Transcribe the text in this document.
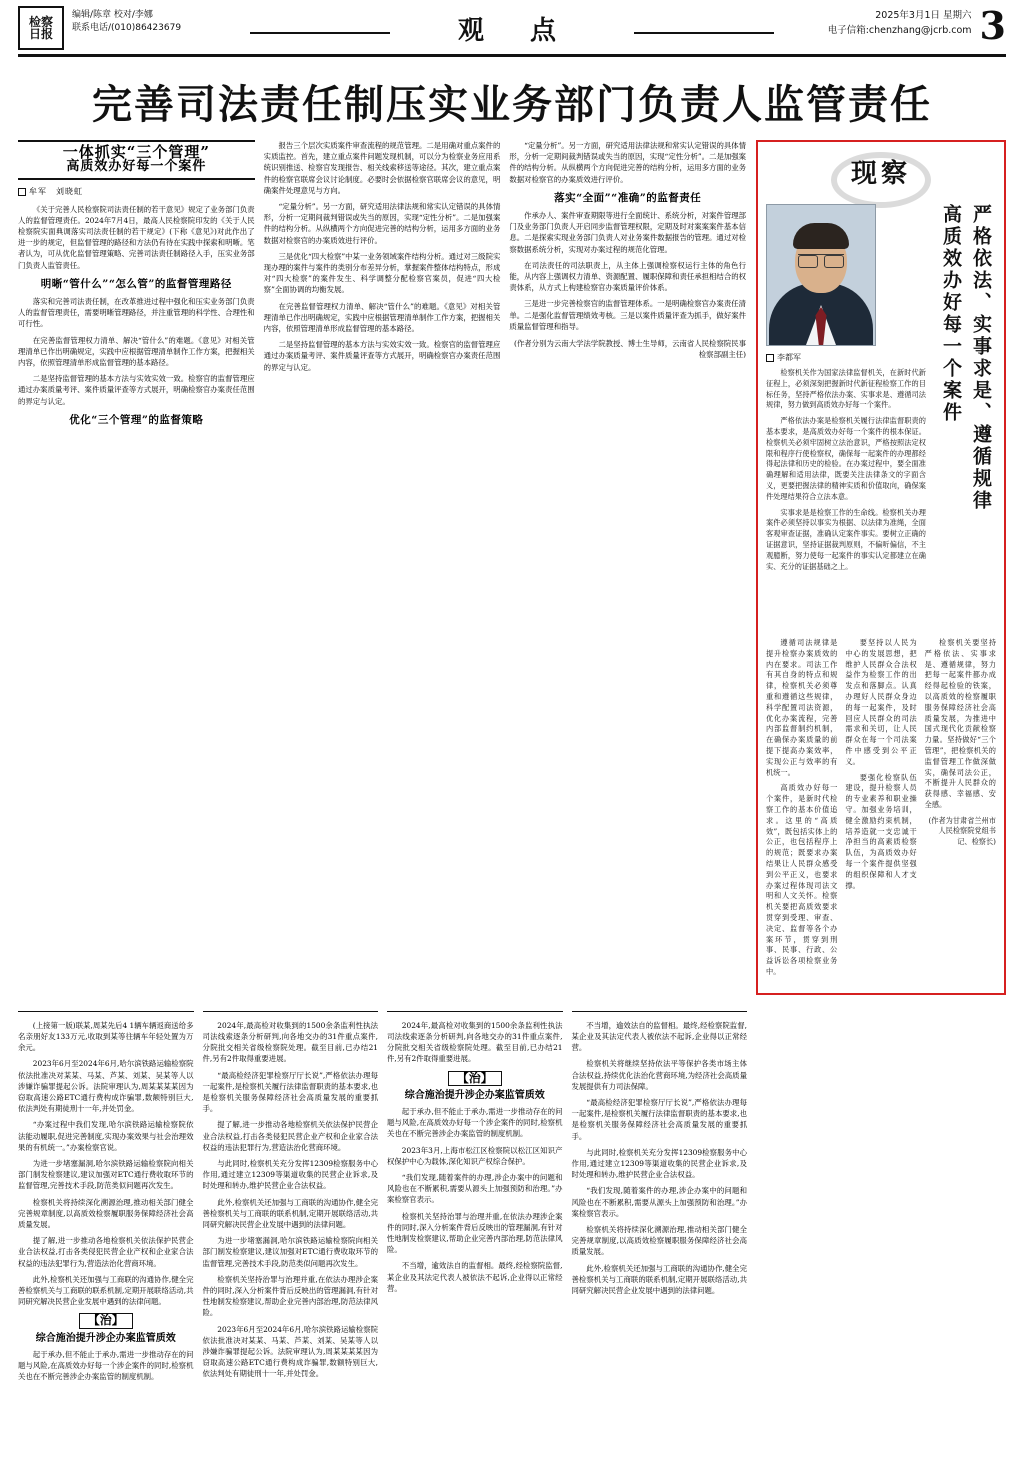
检察
日报
编辑/陈章 校对/李娜
联系电话/(010)86423679	观　点
2025年3月1日 星期六
电子信箱:chenzhang@jcrb.com 3
完善司法责任制压实业务部门负责人监管责任
一体抓实“三个管理”
高质效办好每一个案件
牟军　刘晓虹

《关于完善人民检察院司法责任制的若干意见》规定了业务部门负责人的监督管理责任。2024年7月4日，最高人民检察院印发的《关于人民检察院实面典调落实司法责任制的若干规定》(下称《意见》)对此作出了进一步的规定，但监督管理的路径和方法仍有待在实践中探索和明晰。笔者认为，可从优化监督管理策略、完善司法责任制路径入手，压实业务部门负责人监管责任。

明晰“管什么”“怎么管”的监督管理路径

落实和完善司法责任制，在改革推进过程中强化和压实业务部门负责人的监督管理责任，需要明晰管理路径，并注重管理的科学性、合理性和可行性。

在完善监督管理权力清单、解决“管什么”的难题。《意见》对相关管理清单已作出明确规定，实践中应根据管理清单制作工作方案，把握相关内容，依照管理清单形成监督管理的基本路径。

二是坚持监督管理的基本方法与实效实效一致。检察官的监督管理应通过办案质量考评、案件质量评查等方式展开，明确检察官办案责任范围的界定与认定。

优化“三个管理”的监督策略

报告三个层次实质案件审查流程的规范管理。二是用确对重点案件的实质监控。首先，建立重点案件问题发现机制，可以分为检察业务应用系统识别推送、检察官发现报告、相关线索移送等途径。其次，建立重点案件的检察官联席会议讨论制度。必要时会依据检察官联席会议的意见，明确案件处理意见与方向。

“定量分析”。另一方面，研究适用法律法规和常实认定错误的具体情形，分析一定期间裁判错误或失当的原因，实现“定性分析”。二是加强案件的结构分析。从纵横两个方向促进完善的结构分析，运用多方面的业务数据对检察官的办案质效进行评价。

三是优化“四大检察”中某一业务领域案件结构分析。通过对三级院实现办理的案件与案件的类别分布差异分析，掌握案件整体结构特点，形成对“四大检察”的案件发生、科学调整分配检察官案员，促进“四大检察”全面协调的均衡发展。

在完善监督管理权力清单、解决“管什么”的难题。《意见》对相关管理清单已作出明确规定，实践中应根据管理清单制作工作方案，把握相关内容，依照管理清单形成监督管理的基本路径。

二是坚持监督管理的基本方法与实效实效一致。检察官的监督管理应通过办案质量考评、案件质量评查等方式展开，明确检察官办案责任范围的界定与认定。

“定量分析”。另一方面，研究适用法律法规和常实认定错误的具体情形，分析一定期间裁判错误或失当的原因，实现“定性分析”。二是加强案件的结构分析。从纵横两个方向促进完善的结构分析，运用多方面的业务数据对检察官的办案质效进行评价。

落实“全面”“准确”的监督责任

作承办人、案件审查期限等进行全面统计、系统分析，对案件管理部门及业务部门负责人开启同步监督管理权限，定期及时对案案案件基本信息。二是探索实现业务部门负责人对业务案件数据报告的管理。通过对检察数据系统分析，实现对办案过程的规范化管理。

在司法责任的司法职责上，从主体上强调检察权运行主体的角色行能，从内容上强调权力清单、资源配置、履职保障和责任承担相结合的权责体系，从方式上构建检察官办案质量评价体系。

三是进一步完善检察官的监督管理体系。一是明确检察官办案责任清单。二是强化监督管理绩效考核。三是以案件质量评查为抓手，做好案件质量监督管理和指导。

(作者分别为云南大学法学院教授、博士生导师，云南省人民检察院民事检察部副主任)
现察
李都军

检察机关作为国家法律监督机关，在新时代新征程上，必须深刻把握新时代新征程检察工作的目标任务，坚持严格依法办案、实事求是、遵循司法规律，努力做到高质效办好每一个案件。

严格依法办案是检察机关履行法律监督职责的基本要求，是高质效办好每一个案件的根本保证。检察机关必须牢固树立法治意识，严格按照法定权限和程序行使检察权，确保每一起案件的办理都经得起法律和历史的检验。在办案过程中，要全面准确理解和适用法律，既要关注法律条文的字面含义，更要把握法律的精神实质和价值取向，确保案件处理结果符合立法本意。

实事求是是检察工作的生命线。检察机关办理案件必须坚持以事实为根据、以法律为准绳，全面客观审查证据，准确认定案件事实。要树立正确的证据意识，坚持证据裁判原则，不偏听偏信，不主观臆断，努力使每一起案件的事实认定都建立在确实、充分的证据基础之上。

严格依法、实事求是、遵循规律
高质效办好每一个案件

遵循司法规律是提升检察办案质效的内在要求。司法工作有其自身的特点和规律，检察机关必须尊重和遵循这些规律，科学配置司法资源，优化办案流程，完善内部监督制约机制，在确保办案质量的前提下提高办案效率，实现公正与效率的有机统一。

高质效办好每一个案件，是新时代检察工作的基本价值追求。这里的“高质效”，既包括实体上的公正，也包括程序上的规范；既要求办案结果让人民群众感受到公平正义，也要求办案过程体现司法文明和人文关怀。检察机关要把高质效要求贯穿到受理、审查、决定、监督等各个办案环节，贯穿到刑事、民事、行政、公益诉讼各项检察业务中。

要坚持以人民为中心的发展思想，把维护人民群众合法权益作为检察工作的出发点和落脚点。认真办理好人民群众身边的每一起案件，及时回应人民群众的司法需求和关切，让人民群众在每一个司法案件中感受到公平正义。

要强化检察队伍建设，提升检察人员的专业素养和职业操守。加强业务培训，健全激励约束机制，培养造就一支忠诚干净担当的高素质检察队伍，为高质效办好每一个案件提供坚强的组织保障和人才支撑。

检察机关要坚持严格依法、实事求是、遵循规律，努力把每一起案件都办成经得起检验的铁案，以高质效的检察履职服务保障经济社会高质量发展，为推进中国式现代化贡献检察力量。坚持做好“三个管理”，把检察机关的监督管理工作做深做实，确保司法公正，不断提升人民群众的获得感、幸福感、安全感。

(作者为甘肃省兰州市人民检察院党组书记、检察长)

(上接第一版)联某,周某先后4 1辆车辆返商送给多名亲朋好友133万元,收取到某等往辆车年轻处置为万余元。

2023年6月至2024年6月,哈尔滨铁路运输检察院依法批准决对某某、马某、芦某、刘某、吴某等人以涉嫌诈骗罪提起公诉。法院审理认为,周某某某某因为窃取高速公路ETC通行费构成诈骗罪,数额特别巨大,依法判处有期徒刑十一年,并处罚金。

“办案过程中我们发现,哈尔滨铁路运输检察院依法能动履职,促进完善制度,实现办案效果与社会治理效果的有机统一。”办案检察官说。

为进一步堵塞漏洞,哈尔滨铁路运输检察院向相关部门制发检察建议,建议加强对ETC通行费收取环节的监督管理,完善技术手段,防范类似问题再次发生。

检察机关将持续深化溯源治理,推动相关部门健全完善规章制度,以高质效检察履职服务保障经济社会高质量发展。

提了解,进一步推动各地检察机关依法保护民营企业合法权益,打击各类侵犯民营企业产权和企业家合法权益的违法犯罪行为,营造法治化营商环境。

此外,检察机关还加强与工商联的沟通协作,健全完善检察机关与工商联的联系机制,定期开展联络活动,共同研究解决民营企业发展中遇到的法律问题。

【治】
综合施治提升涉企办案监管质效

起于承办,但不能止于承办,需进一步推动存在的问题与风险,在高质效办好每一个涉企案件的同时,检察机关也在不断完善涉企办案监管的制度机制。

2024年,最高检对收集到的1500余条监利性执法司法线索逐条分析研判,向各地交办的31件重点案件,分院批交相关省级检察院处理。截至目前,已办结21件,另有2件取得重要进展。

“最高检经济犯罪检察厅厅长说”,严格依法办理每一起案件,是检察机关履行法律监督职责的基本要求,也是检察机关服务保障经济社会高质量发展的重要抓手。

提了解,进一步推动各地检察机关依法保护民营企业合法权益,打击各类侵犯民营企业产权和企业家合法权益的违法犯罪行为,营造法治化营商环境。

与此同时,检察机关充分发挥12309检察服务中心作用,通过建立12309等渠道收集的民营企业诉求,及时处理和转办,维护民营企业合法权益。

此外,检察机关还加强与工商联的沟通协作,健全完善检察机关与工商联的联系机制,定期开展联络活动,共同研究解决民营企业发展中遇到的法律问题。

为进一步堵塞漏洞,哈尔滨铁路运输检察院向相关部门制发检察建议,建议加强对ETC通行费收取环节的监督管理,完善技术手段,防范类似问题再次发生。

检察机关坚持治罪与治理并重,在依法办理涉企案件的同时,深入分析案件背后反映出的管理漏洞,有针对性地制发检察建议,帮助企业完善内部治理,防范法律风险。

2023年6月至2024年6月,哈尔滨铁路运输检察院依法批准决对某某、马某、芦某、刘某、吴某等人以涉嫌诈骗罪提起公诉。法院审理认为,周某某某某因为窃取高速公路ETC通行费构成诈骗罪,数额特别巨大,依法判处有期徒刑十一年,并处罚金。

2024年,最高检对收集到的1500余条监利性执法司法线索逐条分析研判,向各地交办的31件重点案件,分院批交相关省级检察院处理。截至目前,已办结21件,另有2件取得重要进展。

【治】
综合施治提升涉企办案监管质效

起于承办,但不能止于承办,需进一步推动存在的问题与风险,在高质效办好每一个涉企案件的同时,检察机关也在不断完善涉企办案监管的制度机制。

2023年3月,上海市松江区检察院以松江区知识产权保护中心为载体,深化知识产权综合保护。

“我们发现,随着案件的办理,涉企办案中的问题和风险也在不断累积,需要从源头上加强预防和治理。”办案检察官表示。

检察机关坚持治罪与治理并重,在依法办理涉企案件的同时,深入分析案件背后反映出的管理漏洞,有针对性地制发检察建议,帮助企业完善内部治理,防范法律风险。

不当增，逾效法自的监督相。最终,经检察院监督,某企业及其法定代表人被依法不起诉,企业得以正常经营。

不当增，逾效法自的监督相。最终,经检察院监督,某企业及其法定代表人被依法不起诉,企业得以正常经营。

检察机关将继续坚持依法平等保护各类市场主体合法权益,持续优化法治化营商环境,为经济社会高质量发展提供有力司法保障。

“最高检经济犯罪检察厅厅长说”,严格依法办理每一起案件,是检察机关履行法律监督职责的基本要求,也是检察机关服务保障经济社会高质量发展的重要抓手。

与此同时,检察机关充分发挥12309检察服务中心作用,通过建立12309等渠道收集的民营企业诉求,及时处理和转办,维护民营企业合法权益。

“我们发现,随着案件的办理,涉企办案中的问题和风险也在不断累积,需要从源头上加强预防和治理。”办案检察官表示。

检察机关将持续深化溯源治理,推动相关部门健全完善规章制度,以高质效检察履职服务保障经济社会高质量发展。

此外,检察机关还加强与工商联的沟通协作,健全完善检察机关与工商联的联系机制,定期开展联络活动,共同研究解决民营企业发展中遇到的法律问题。
